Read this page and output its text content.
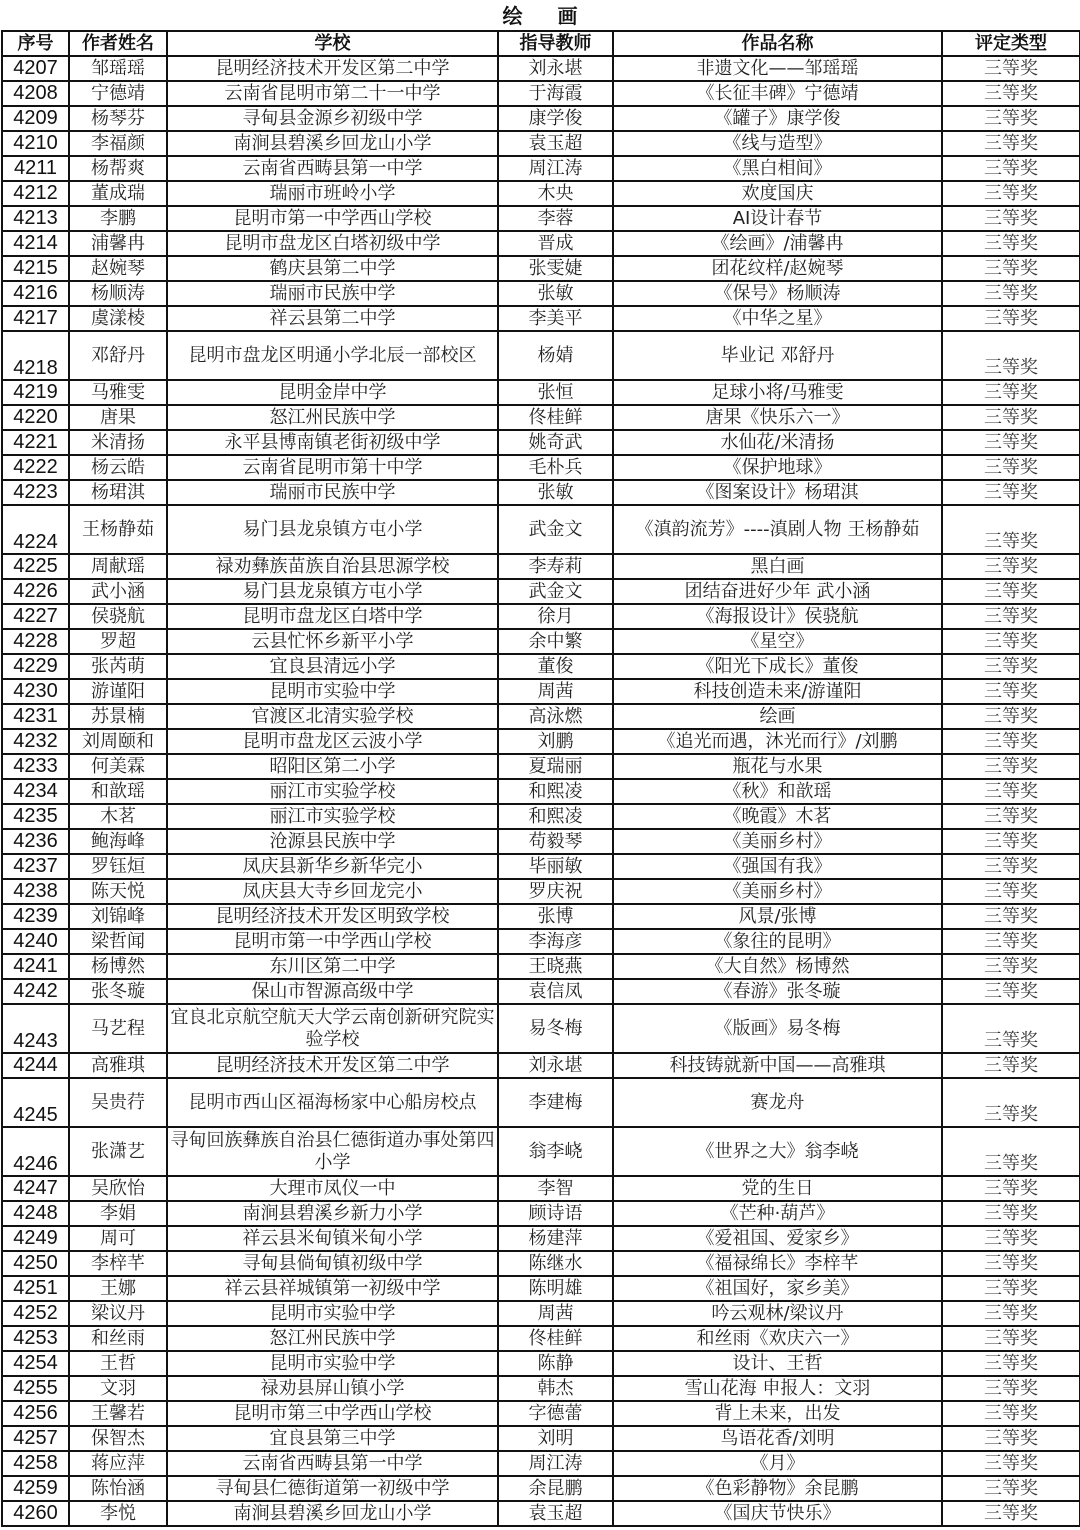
绘 画
序号	作者姓名	学校	指导教师	作品名称	评定类型
4207	邹瑶瑶	昆明经济技术开发区第二中学	刘永堪	非遗文化——邹瑶瑶	三等奖
4208	宁德靖	云南省昆明市第二十一中学	于海霞	《长征丰碑》宁德靖	三等奖
4209	杨琴芬	寻甸县金源乡初级中学	康学俊	《罐子》康学俊	三等奖
4210	李福颜	南涧县碧溪乡回龙山小学	袁玉超	《线与造型》	三等奖
4211	杨帮爽	云南省西畴县第一中学	周江涛	《黑白相间》	三等奖
4212	董成瑞	瑞丽市班岭小学	木央	欢度国庆	三等奖
4213	李鹏	昆明市第一中学西山学校	李蓉	AI设计春节	三等奖
4214	浦馨冉	昆明市盘龙区白塔初级中学	晋成	《绘画》/浦馨冉	三等奖
4215	赵婉琴	鹤庆县第二中学	张雯婕	团花纹样/赵婉琴	三等奖
4216	杨顺涛	瑞丽市民族中学	张敏	《保号》杨顺涛	三等奖
4217	虞漾棱	祥云县第二中学	李美平	《中华之星》	三等奖
4218	邓舒丹	昆明市盘龙区明通小学北辰一部校区	杨婧	毕业记 邓舒丹	三等奖
4219	马雅雯	昆明金岸中学	张恒	足球小将/马雅雯	三等奖
4220	唐果	怒江州民族中学	佟桂鲜	唐果《快乐六一》	三等奖
4221	米清扬	永平县博南镇老街初级中学	姚奇武	水仙花/米清扬	三等奖
4222	杨云皓	云南省昆明市第十中学	毛朴兵	《保护地球》	三等奖
4223	杨珺淇	瑞丽市民族中学	张敏	《图案设计》杨珺淇	三等奖
4224	王杨静茹	易门县龙泉镇方屯小学	武金文	《滇韵流芳》----滇剧人物 王杨静茹	三等奖
4225	周献瑶	禄劝彝族苗族自治县思源学校	李寿莉	黑白画	三等奖
4226	武小涵	易门县龙泉镇方屯小学	武金文	团结奋进好少年 武小涵	三等奖
4227	侯骁航	昆明市盘龙区白塔中学	徐月	《海报设计》侯骁航	三等奖
4228	罗超	云县忙怀乡新平小学	余中繁	《星空》	三等奖
4229	张芮萌	宜良县清远小学	董俊	《阳光下成长》董俊	三等奖
4230	游谨阳	昆明市实验中学	周茜	科技创造未来/游谨阳	三等奖
4231	苏景楠	官渡区北清实验学校	高泳燃	绘画	三等奖
4232	刘周颐和	昆明市盘龙区云波小学	刘鹏	《追光而遇，沐光而行》/刘鹏	三等奖
4233	何美霖	昭阳区第二小学	夏瑞丽	瓶花与水果	三等奖
4234	和歆瑶	丽江市实验学校	和熙凌	《秋》和歆瑶	三等奖
4235	木茗	丽江市实验学校	和熙凌	《晚霞》木茗	三等奖
4236	鲍海峰	沧源县民族中学	苟毅琴	《美丽乡村》	三等奖
4237	罗钰烜	凤庆县新华乡新华完小	毕丽敏	《强国有我》	三等奖
4238	陈天悦	凤庆县大寺乡回龙完小	罗庆祝	《美丽乡村》	三等奖
4239	刘锦峰	昆明经济技术开发区明致学校	张博	风景/张博	三等奖
4240	梁哲闻	昆明市第一中学西山学校	李海彦	《象往的昆明》	三等奖
4241	杨博然	东川区第二中学	王晓燕	《大自然》杨博然	三等奖
4242	张冬璇	保山市智源高级中学	袁信凤	《春游》张冬璇	三等奖
4243	马艺程	宜良北京航空航天大学云南创新研究院实验学校	易冬梅	《版画》易冬梅	三等奖
4244	高雅琪	昆明经济技术开发区第二中学	刘永堪	科技铸就新中国——高雅琪	三等奖
4245	吴贵荇	昆明市西山区福海杨家中心船房校点	李建梅	赛龙舟	三等奖
4246	张潇艺	寻甸回族彝族自治县仁德街道办事处第四小学	翁李峣	《世界之大》翁李峣	三等奖
4247	吴欣怡	大理市凤仪一中	李智	党的生日	三等奖
4248	李娟	南涧县碧溪乡新力小学	顾诗语	《芒种·葫芦》	三等奖
4249	周可	祥云县米甸镇米甸小学	杨建萍	《爱祖国、爱家乡》	三等奖
4250	李梓芊	寻甸县倘甸镇初级中学	陈继水	《福禄绵长》李梓芊	三等奖
4251	王娜	祥云县祥城镇第一初级中学	陈明雄	《祖国好，家乡美》	三等奖
4252	梁议丹	昆明市实验中学	周茜	吟云观林/梁议丹	三等奖
4253	和丝雨	怒江州民族中学	佟桂鲜	和丝雨《欢庆六一》	三等奖
4254	王哲	昆明市实验中学	陈静	设计、王哲	三等奖
4255	文羽	禄劝县屏山镇小学	韩杰	雪山花海 申报人：文羽	三等奖
4256	王馨若	昆明市第三中学西山学校	字德蕾	背上未来，出发	三等奖
4257	保智杰	宜良县第三中学	刘明	鸟语花香/刘明	三等奖
4258	蒋应萍	云南省西畴县第一中学	周江涛	《月》	三等奖
4259	陈怡涵	寻甸县仁德街道第一初级中学	余昆鹏	《色彩静物》余昆鹏	三等奖
4260	李悦	南涧县碧溪乡回龙山小学	袁玉超	《国庆节快乐》	三等奖
